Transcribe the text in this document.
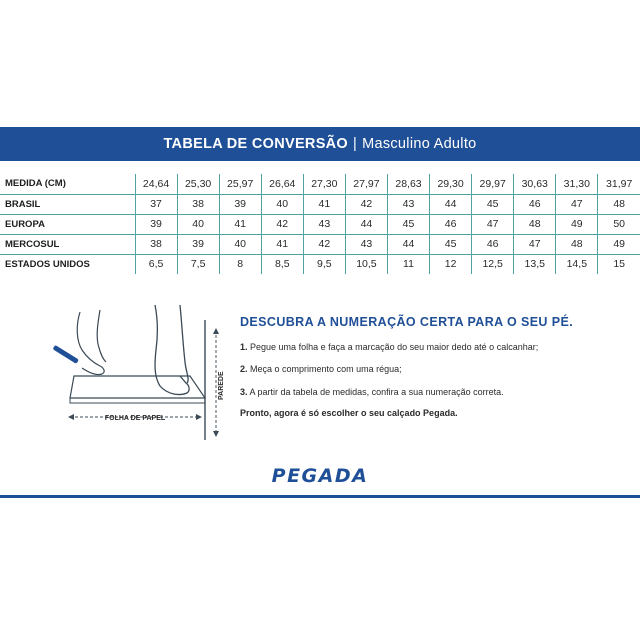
TABELA DE CONVERSÃO | Masculino Adulto
MEDIDA (CM)	24,64	25,30	25,97	26,64	27,30	27,97	28,63	29,30	29,97	30,63	31,30	31,97
BRASIL	37	38	39	40	41	42	43	44	45	46	47	48
EUROPA	39	40	41	42	43	44	45	46	47	48	49	50
MERCOSUL	38	39	40	41	42	43	44	45	46	47	48	49
ESTADOS UNIDOS	6,5	7,5	8	8,5	9,5	10,5	11	12	12,5	13,5	14,5	15
PAREDE
FOLHA DE PAPEL
DESCUBRA A NUMERAÇÃO CERTA PARA O SEU PÉ.
1. Pegue uma folha e faça a marcação do seu maior dedo até o calcanhar;
2. Meça o comprimento com uma régua;
3. A partir da tabela de medidas, confira a sua numeração correta.
Pronto, agora é só escolher o seu calçado Pegada.
PEGADA
